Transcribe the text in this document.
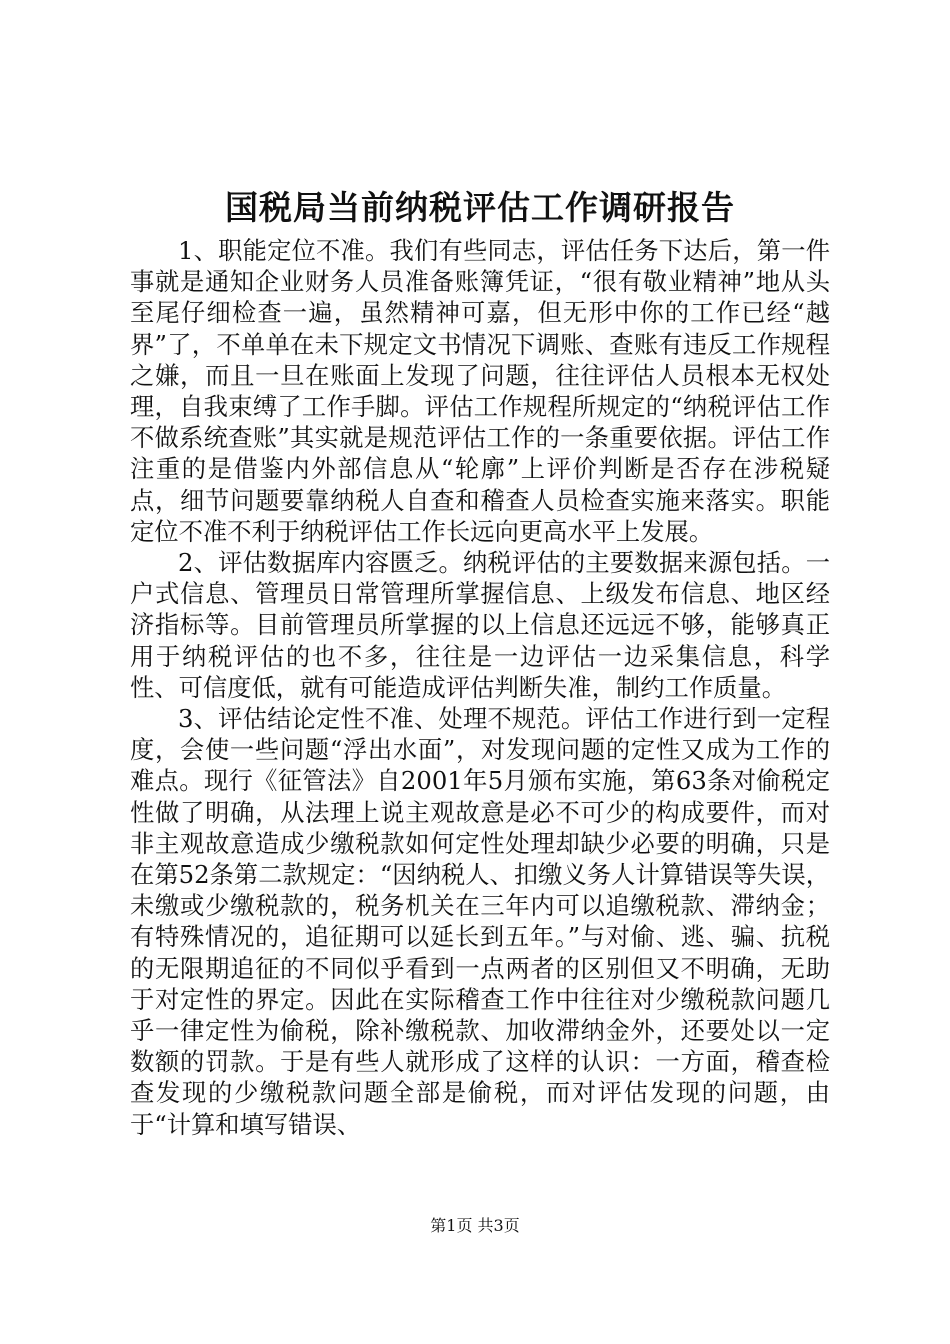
国税局当前纳税评估工作调研报告

1、职能定位不准。我们有些同志，评估任务下达后，第一件事就是通知企业财务人员准备账簿凭证，“很有敬业精神”地从头至尾仔细检查一遍，虽然精神可嘉，但无形中你的工作已经“越界”了，不单单在未下规定文书情况下调账、查账有违反工作规程之嫌，而且一旦在账面上发现了问题，往往评估人员根本无权处理，自我束缚了工作手脚。评估工作规程所规定的“纳税评估工作不做系统查账”其实就是规范评估工作的一条重要依据。评估工作注重的是借鉴内外部信息从“轮廓”上评价判断是否存在涉税疑点，细节问题要靠纳税人自查和稽查人员检查实施来落实。职能定位不准不利于纳税评估工作长远向更高水平上发展。

2、评估数据库内容匮乏。纳税评估的主要数据来源包括。一户式信息、管理员日常管理所掌握信息、上级发布信息、地区经济指标等。目前管理员所掌握的以上信息还远远不够，能够真正用于纳税评估的也不多，往往是一边评估一边采集信息，科学性、可信度低，就有可能造成评估判断失准，制约工作质量。

3、评估结论定性不准、处理不规范。评估工作进行到一定程度，会使一些问题“浮出水面”，对发现问题的定性又成为工作的难点。现行《征管法》自2001年5月颁布实施，第63条对偷税定性做了明确，从法理上说主观故意是必不可少的构成要件，而对非主观故意造成少缴税款如何定性处理却缺少必要的明确，只是在第52条第二款规定：“因纳税人、扣缴义务人计算错误等失误，未缴或少缴税款的，税务机关在三年内可以追缴税款、滞纳金；有特殊情况的，追征期可以延长到五年。”与对偷、逃、骗、抗税的无限期追征的不同似乎看到一点两者的区别但又不明确，无助于对定性的界定。因此在实际稽查工作中往往对少缴税款问题几乎一律定性为偷税，除补缴税款、加收滞纳金外，还要处以一定数额的罚款。于是有些人就形成了这样的认识：一方面，稽查检查发现的少缴税款问题全部是偷税，而对评估发现的问题，由于“计算和填写错误、

第1页 共3页
